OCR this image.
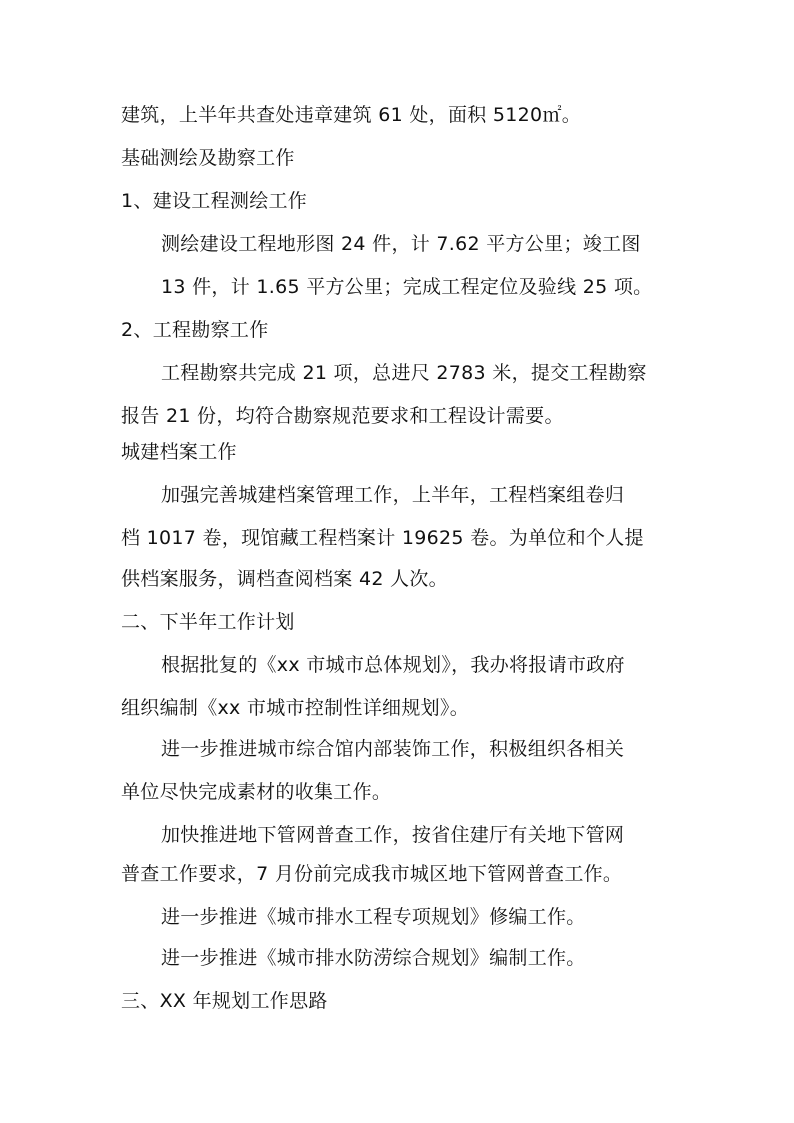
建筑，上半年共查处违章建筑 61 处，面积 5120㎡。
基础测绘及勘察工作
1、建设工程测绘工作
测绘建设工程地形图 24 件，计 7.62 平方公里；竣工图
13 件，计 1.65 平方公里；完成工程定位及验线 25 项。
2、工程勘察工作
工程勘察共完成 21 项，总进尺 2783 米，提交工程勘察
报告 21 份，均符合勘察规范要求和工程设计需要。
城建档案工作
加强完善城建档案管理工作，上半年，工程档案组卷归
档 1017 卷，现馆藏工程档案计 19625 卷。为单位和个人提
供档案服务，调档查阅档案 42 人次。
二、下半年工作计划
根据批复的《xx 市城市总体规划》，我办将报请市政府
组织编制《xx 市城市控制性详细规划》。
进一步推进城市综合馆内部装饰工作，积极组织各相关
单位尽快完成素材的收集工作。
加快推进地下管网普查工作，按省住建厅有关地下管网
普查工作要求，7 月份前完成我市城区地下管网普查工作。
进一步推进《城市排水工程专项规划》修编工作。
进一步推进《城市排水防涝综合规划》编制工作。
三、XX 年规划工作思路
